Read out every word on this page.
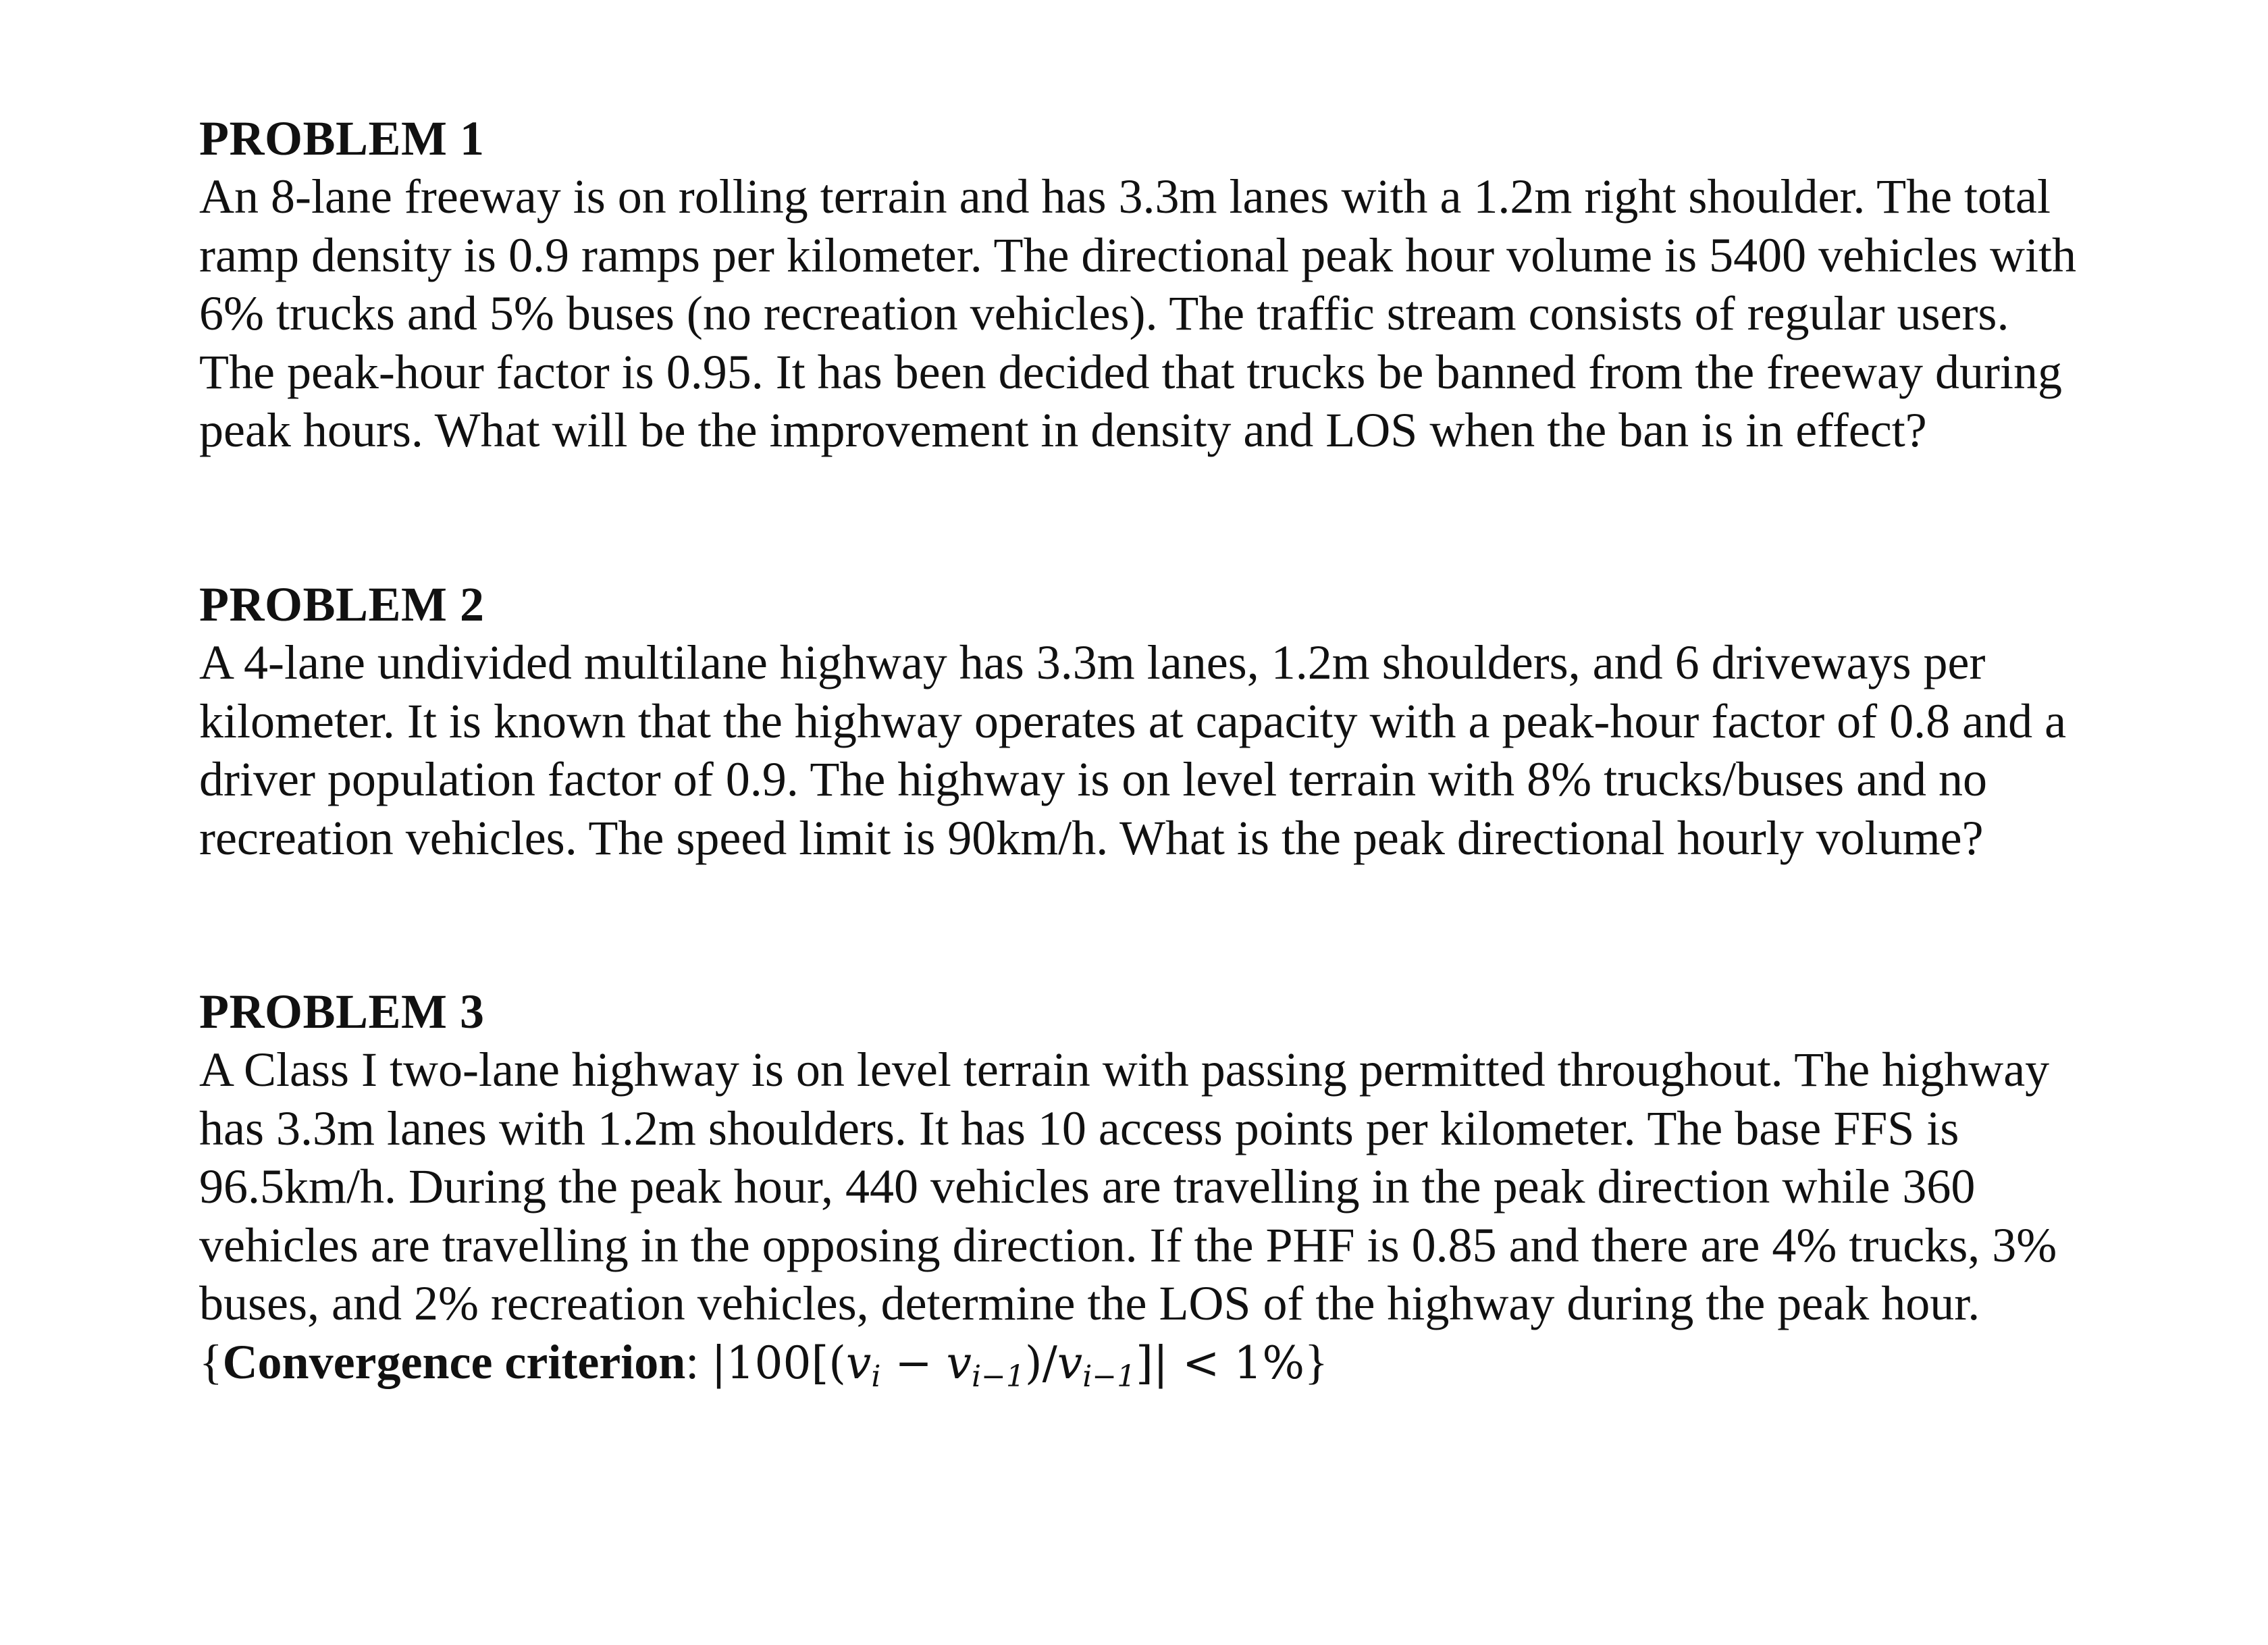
PROBLEM 1
An 8-lane freeway is on rolling terrain and has 3.3m lanes with a 1.2m right shoulder. The total
ramp density is 0.9 ramps per kilometer. The directional peak hour volume is 5400 vehicles with
6% trucks and 5% buses (no recreation vehicles). The traffic stream consists of regular users.
The peak-hour factor is 0.95. It has been decided that trucks be banned from the freeway during
peak hours. What will be the improvement in density and LOS when the ban is in effect?
PROBLEM 2
A 4-lane undivided multilane highway has 3.3m lanes, 1.2m shoulders, and 6 driveways per
kilometer. It is known that the highway operates at capacity with a peak-hour factor of 0.8 and a
driver population factor of 0.9. The highway is on level terrain with 8% trucks/buses and no
recreation vehicles. The speed limit is 90km/h. What is the peak directional hourly volume?
PROBLEM 3
A Class I two-lane highway is on level terrain with passing permitted throughout. The highway
has 3.3m lanes with 1.2m shoulders. It has 10 access points per kilometer. The base FFS is
96.5km/h. During the peak hour, 440 vehicles are travelling in the peak direction while 360
vehicles are travelling in the opposing direction. If the PHF is 0.85 and there are 4% trucks, 3%
buses, and 2% recreation vehicles, determine the LOS of the highway during the peak hour.
{Convergence criterion: $|100[(v_i - v_{i-1})/v_{i-1}]| < 1\%$}
